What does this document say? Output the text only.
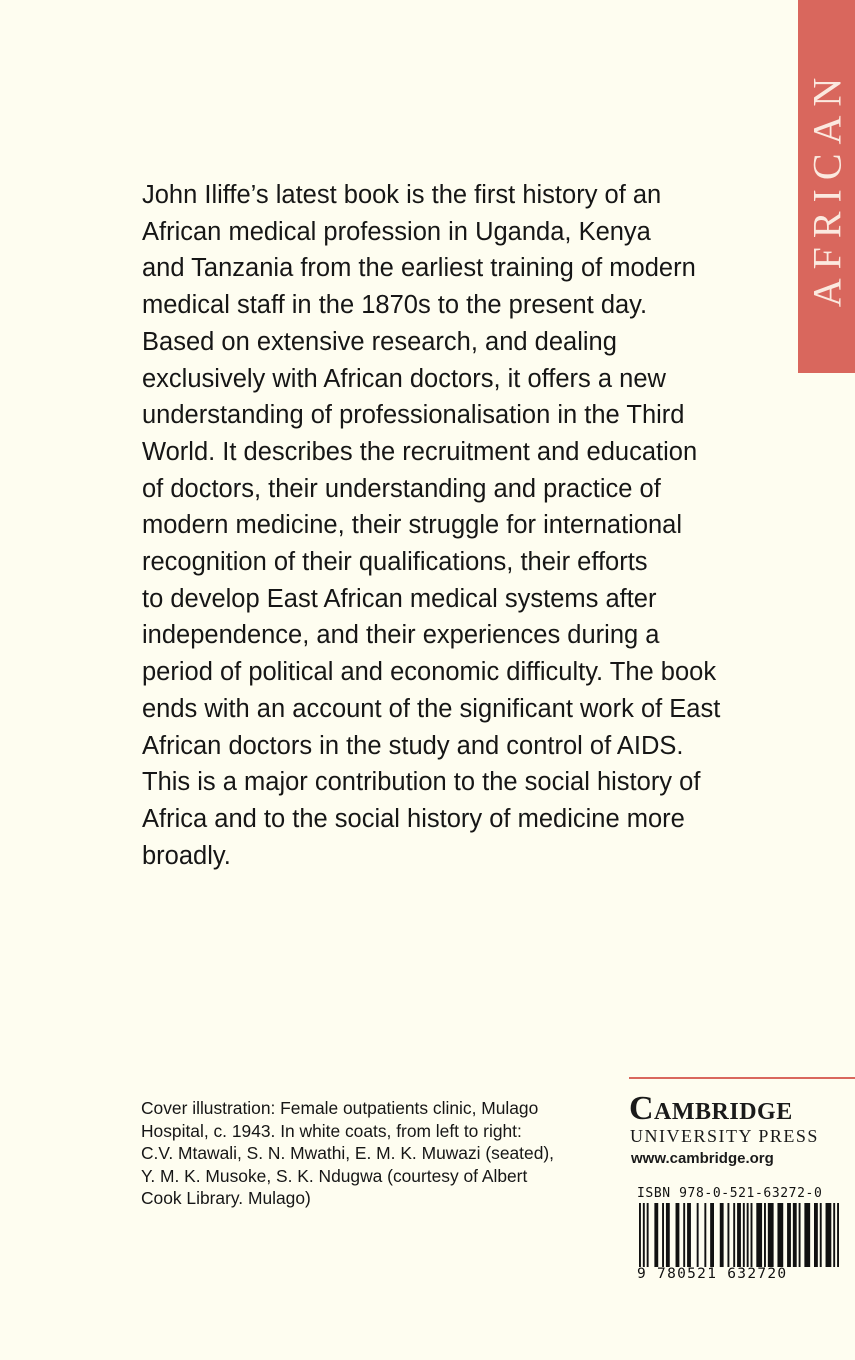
AFRICAN

John Iliffe’s latest book is the first history of an

African medical profession in Uganda, Kenya

and Tanzania from the earliest training of modern

medical staff in the 1870s to the present day.

Based on extensive research, and dealing

exclusively with African doctors, it offers a new

understanding of professionalisation in the Third

World. It describes the recruitment and education

of doctors, their understanding and practice of

modern medicine, their struggle for international

recognition of their qualifications, their efforts

to develop East African medical systems after

independence, and their experiences during a

period of political and economic difficulty. The book

ends with an account of the significant work of East

African doctors in the study and control of AIDS.

This is a major contribution to the social history of

Africa and to the social history of medicine more

broadly.

Cover illustration: Female outpatients clinic, Mulago

Hospital, c. 1943. In white coats, from left to right:

C.V. Mtawali, S. N. Mwathi, E. M. K. Muwazi (seated),

Y. M. K. Musoke, S. K. Ndugwa (courtesy of Albert

Cook Library. Mulago)

Cambridge
UNIVERSITY PRESS
www.cambridge.org
ISBN 978-0-521-63272-0
9 780521 632720
